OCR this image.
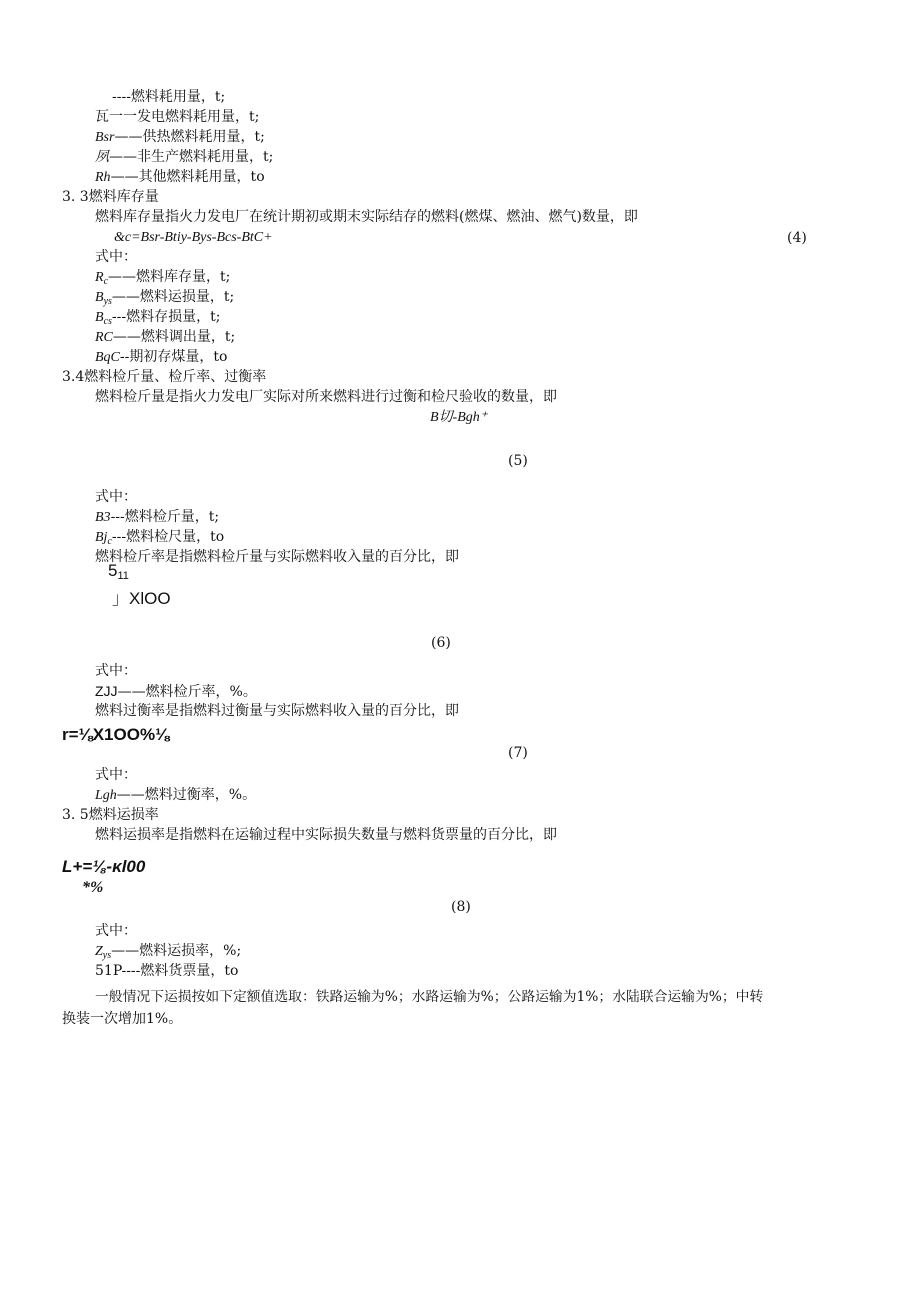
----燃料耗用量，t;
瓦一一发电燃料耗用量，t;
Bsr——供热燃料耗用量，t;
夙——非生产燃料耗用量，t;
Rh——其他燃料耗用量，to
3. 3燃料库存量
燃料库存量指火力发电厂在统计期初或期末实际结存的燃料(燃煤、燃油、燃气)数量，即
&c=Bsr-Btiy-Bys-Bcs-BtC+	(4)
式中：
$R_c——$燃料库存量，t;
$B_{ys}——$燃料运损量，t;
$B_{cs}---$燃料存损量，t;
RC——燃料调出量，t;
BqC--期初存煤量，to
3.4燃料检斤量、检斤率、过衡率
燃料检斤量是指火力发电厂实际对所来燃料进行过衡和检尺验收的数量，即
B切-Bgh⁺
(5)
式中：
B3---燃料检斤量，t;
$Bj_c---$燃料检尺量，to
燃料检斤率是指燃料检斤量与实际燃料收入量的百分比，即
$5_{11}$
」XlOO
(6)
式中：
ZJJ——燃料检斤率，%。
燃料过衡率是指燃料过衡量与实际燃料收入量的百分比，即
r=⅛X1OO%⅛
(7)
式中：
Lgh——燃料过衡率，%。
3. 5燃料运损率
燃料运损率是指燃料在运输过程中实际损失数量与燃料货票量的百分比，即
L+=⅛-κl00
*%
(8)
式中：
$Z_{ys}——$燃料运损率，%;
51P----燃料货票量，to
一般情况下运损按如下定额值选取：铁路运输为%；水路运输为%；公路运输为1%；水陆联合运输为%；中转
换装一次增加1%。
